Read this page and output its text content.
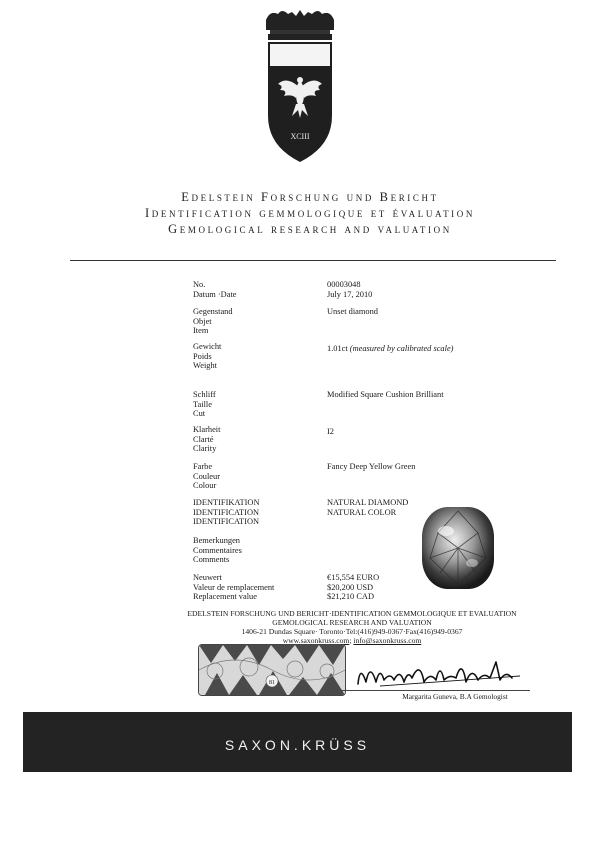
XCIII
Edelstein Forschung und Bericht
Identification gemmologique et évaluation
Gemological research and valuation
No.
Datum ·Date
00003048
July 17, 2010
Gegenstand
Objet
Item
Unset diamond
Gewicht
Poids
Weight
1.01ct (measured by calibrated scale)
Schliff
Taille
Cut
Modified Square Cushion Brilliant
Klarheit
Clarté
Clarity
I2
Farbe
Couleur
Colour
Fancy Deep Yellow Green
IDENTIFIKATION
IDENTIFICATION
IDENTIFICATION
NATURAL DIAMOND
NATURAL COLOR
Bemerkungen
Commentaires
Comments
Neuwert
Valeur de remplacement
Replacement value
€15,554 EURO
$20,200 USD
$21,210 CAD
EDELSTEIN FORSCHUNG UND BERICHT·IDENTIFICATION GEMMOLOGIQUE ET EVALUATION
GEMOLOGICAL RESEARCH AND VALUATION
1406-21 Dundas Square· Toronto·Tel:(416)949-0367·Fax(416)949-0367
www.saxonkruss.com; info@saxonkruss.com
81
Margarita Guneva, B.A Gemologist
SAXON.KRÜSS
